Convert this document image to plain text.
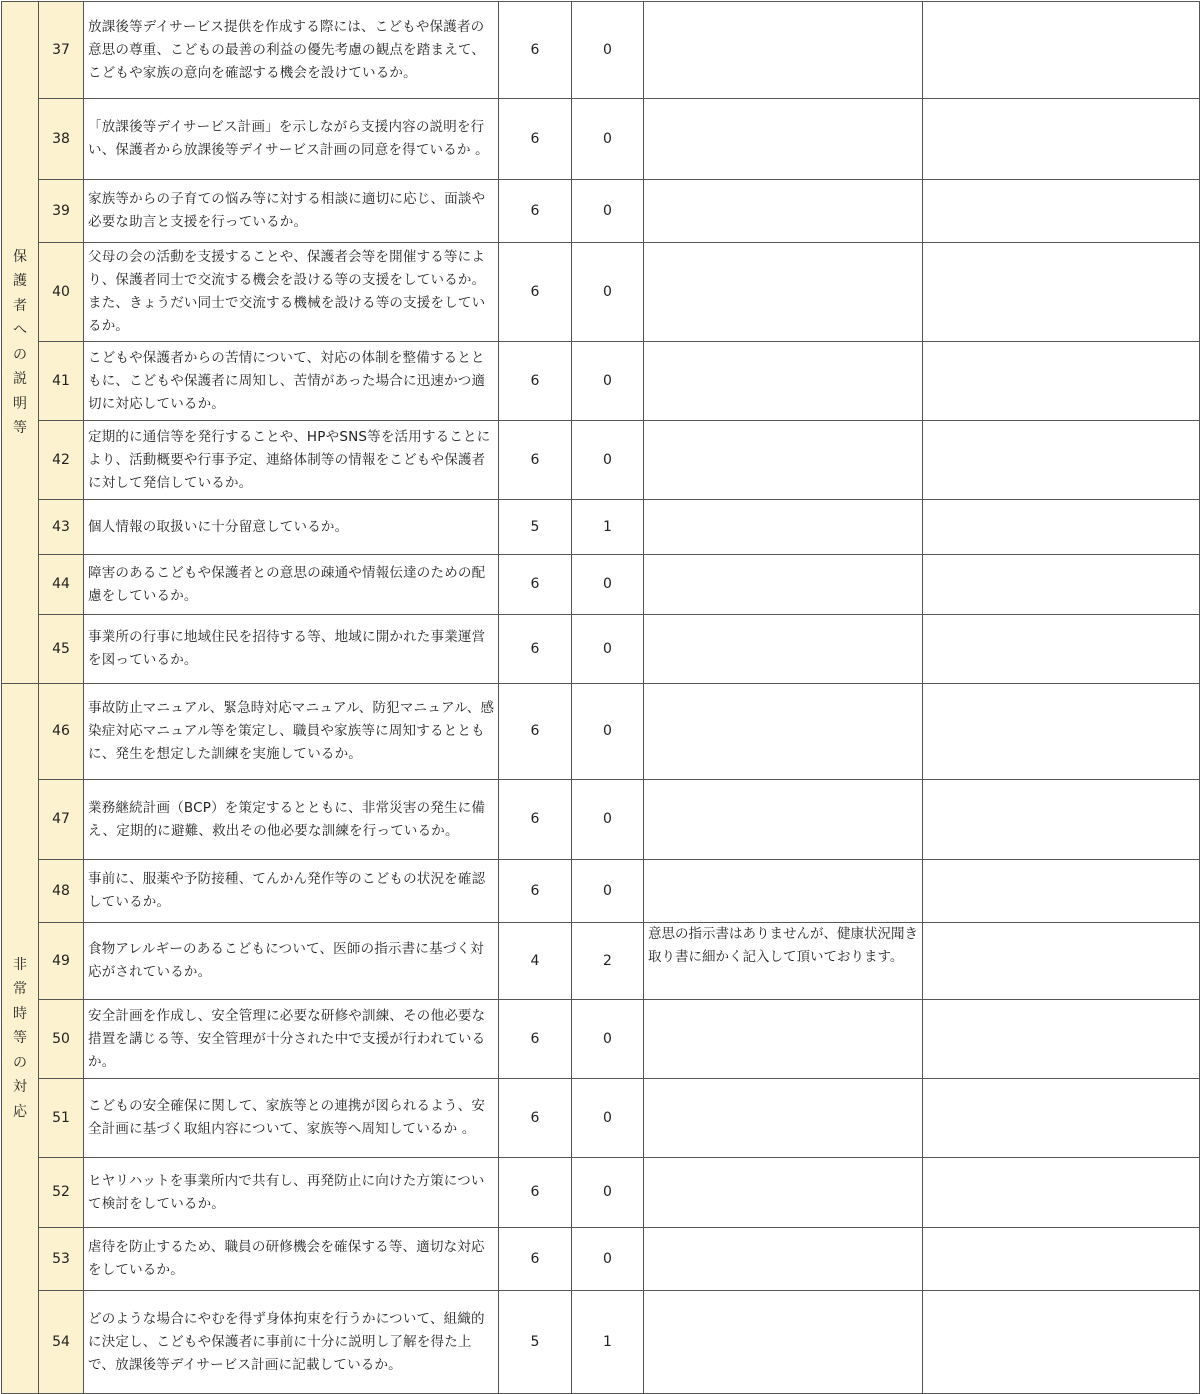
保護者への説明等	37	放課後等デイサービス提供を作成する際には、こどもや保護者の意思の尊重、こどもの最善の利益の優先考慮の観点を踏まえて、こどもや家族の意向を確認する機会を設けているか。	6	0		
	38	「放課後等デイサービス計画」を示しながら支援内容の説明を行い、保護者から放課後等デイサービス計画の同意を得ているか 。	6	0		
	39	家族等からの子育ての悩み等に対する相談に適切に応じ、面談や必要な助言と支援を行っているか。	6	0		
	40	父母の会の活動を支援することや、保護者会等を開催する等により、保護者同士で交流する機会を設ける等の支援をしているか。また、きょうだい同士で交流する機械を設ける等の支援をしているか。	6	0		
	41	こどもや保護者からの苦情について、対応の体制を整備するとともに、こどもや保護者に周知し、苦情があった場合に迅速かつ適切に対応しているか。	6	0		
	42	定期的に通信等を発行することや、HPやSNS等を活用することにより、活動概要や行事予定、連絡体制等の情報をこどもや保護者に対して発信しているか。	6	0		
	43	個人情報の取扱いに十分留意しているか。	5	1		
	44	障害のあるこどもや保護者との意思の疎通や情報伝達のための配慮をしているか。	6	0		
	45	事業所の行事に地域住民を招待する等、地域に開かれた事業運営を図っているか。	6	0		
非常時等の対応	46	事故防止マニュアル、緊急時対応マニュアル、防犯マニュアル、感染症対応マニュアル等を策定し、職員や家族等に周知するとともに、発生を想定した訓練を実施しているか。	6	0		
	47	業務継続計画（BCP）を策定するとともに、非常災害の発生に備え、定期的に避難、救出その他必要な訓練を行っているか。	6	0		
	48	事前に、服薬や予防接種、てんかん発作等のこどもの状況を確認しているか。	6	0		
	49	食物アレルギーのあるこどもについて、医師の指示書に基づく対応がされているか。	4	2	意思の指示書はありませんが、健康状況聞き取り書に細かく記入して頂いております。	
	50	安全計画を作成し、安全管理に必要な研修や訓練、その他必要な措置を講じる等、安全管理が十分された中で支援が行われているか。	6	0		
	51	こどもの安全確保に関して、家族等との連携が図られるよう、安全計画に基づく取組内容について、家族等へ周知しているか 。	6	0		
	52	ヒヤリハットを事業所内で共有し、再発防止に向けた方策について検討をしているか。	6	0		
	53	虐待を防止するため、職員の研修機会を確保する等、適切な対応をしているか。	6	0		
	54	どのような場合にやむを得ず身体拘束を行うかについて、組織的に決定し、こどもや保護者に事前に十分に説明し了解を得た上で、放課後等デイサービス計画に記載しているか。	5	1		
